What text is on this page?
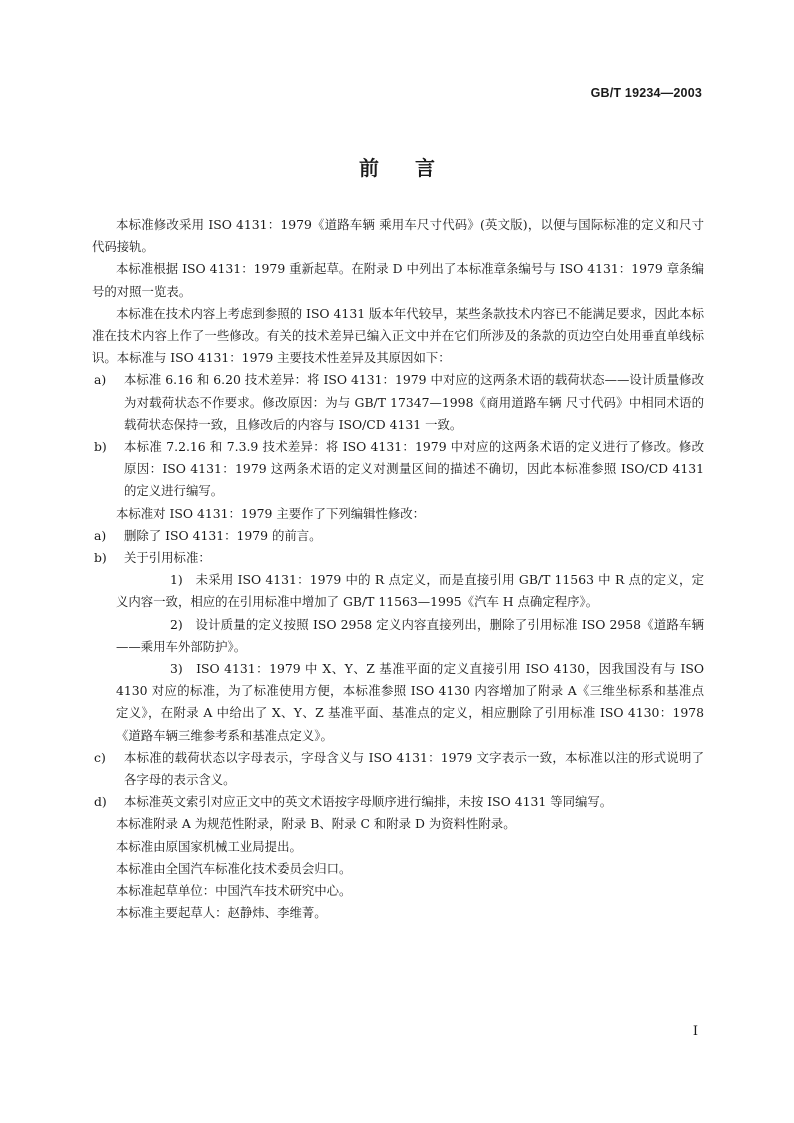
GB/T 19234—2003
前言

本标准修改采用 ISO 4131：1979《道路车辆 乘用车尺寸代码》(英文版)，以便与国际标准的定义和尺寸代码接轨。

本标准根据 ISO 4131：1979 重新起草。在附录 D 中列出了本标准章条编号与 ISO 4131：1979 章条编号的对照一览表。

本标准在技术内容上考虑到参照的 ISO 4131 版本年代较早，某些条款技术内容已不能满足要求，因此本标准在技术内容上作了一些修改。有关的技术差异已编入正文中并在它们所涉及的条款的页边空白处用垂直单线标识。本标准与 ISO 4131：1979 主要技术性差异及其原因如下：

a)	本标准 6.16 和 6.20 技术差异：将 ISO 4131：1979 中对应的这两条术语的载荷状态——设计质量修改为对载荷状态不作要求。修改原因：为与 GB/T 17347—1998《商用道路车辆 尺寸代码》中相同术语的载荷状态保持一致，且修改后的内容与 ISO/CD 4131 一致。
b)	本标准 7.2.16 和 7.3.9 技术差异：将 ISO 4131：1979 中对应的这两条术语的定义进行了修改。修改原因：ISO 4131：1979 这两条术语的定义对测量区间的描述不确切，因此本标准参照 ISO/CD 4131 的定义进行编写。

本标准对 ISO 4131：1979 主要作了下列编辑性修改：

a)	删除了 ISO 4131：1979 的前言。
b)	关于引用标准：

1)　未采用 ISO 4131：1979 中的 R 点定义，而是直接引用 GB/T 11563 中 R 点的定义，定义内容一致，相应的在引用标准中增加了 GB/T 11563—1995《汽车 H 点确定程序》。

2)　设计质量的定义按照 ISO 2958 定义内容直接列出，删除了引用标准 ISO 2958《道路车辆——乘用车外部防护》。

3)　ISO 4131：1979 中 X、Y、Z 基准平面的定义直接引用 ISO 4130，因我国没有与 ISO 4130 对应的标准，为了标准使用方便，本标准参照 ISO 4130 内容增加了附录 A《三维坐标系和基准点 定义》，在附录 A 中给出了 X、Y、Z 基准平面、基准点的定义，相应删除了引用标准 ISO 4130：1978《道路车辆三维参考系和基准点定义》。

c)	本标准的载荷状态以字母表示，字母含义与 ISO 4131：1979 文字表示一致，本标准以注的形式说明了各字母的表示含义。
d)	本标准英文索引对应正文中的英文术语按字母顺序进行编排，未按 ISO 4131 等同编写。

本标准附录 A 为规范性附录，附录 B、附录 C 和附录 D 为资料性附录。

本标准由原国家机械工业局提出。

本标准由全国汽车标准化技术委员会归口。

本标准起草单位：中国汽车技术研究中心。

本标准主要起草人：赵静炜、李维菁。

I
